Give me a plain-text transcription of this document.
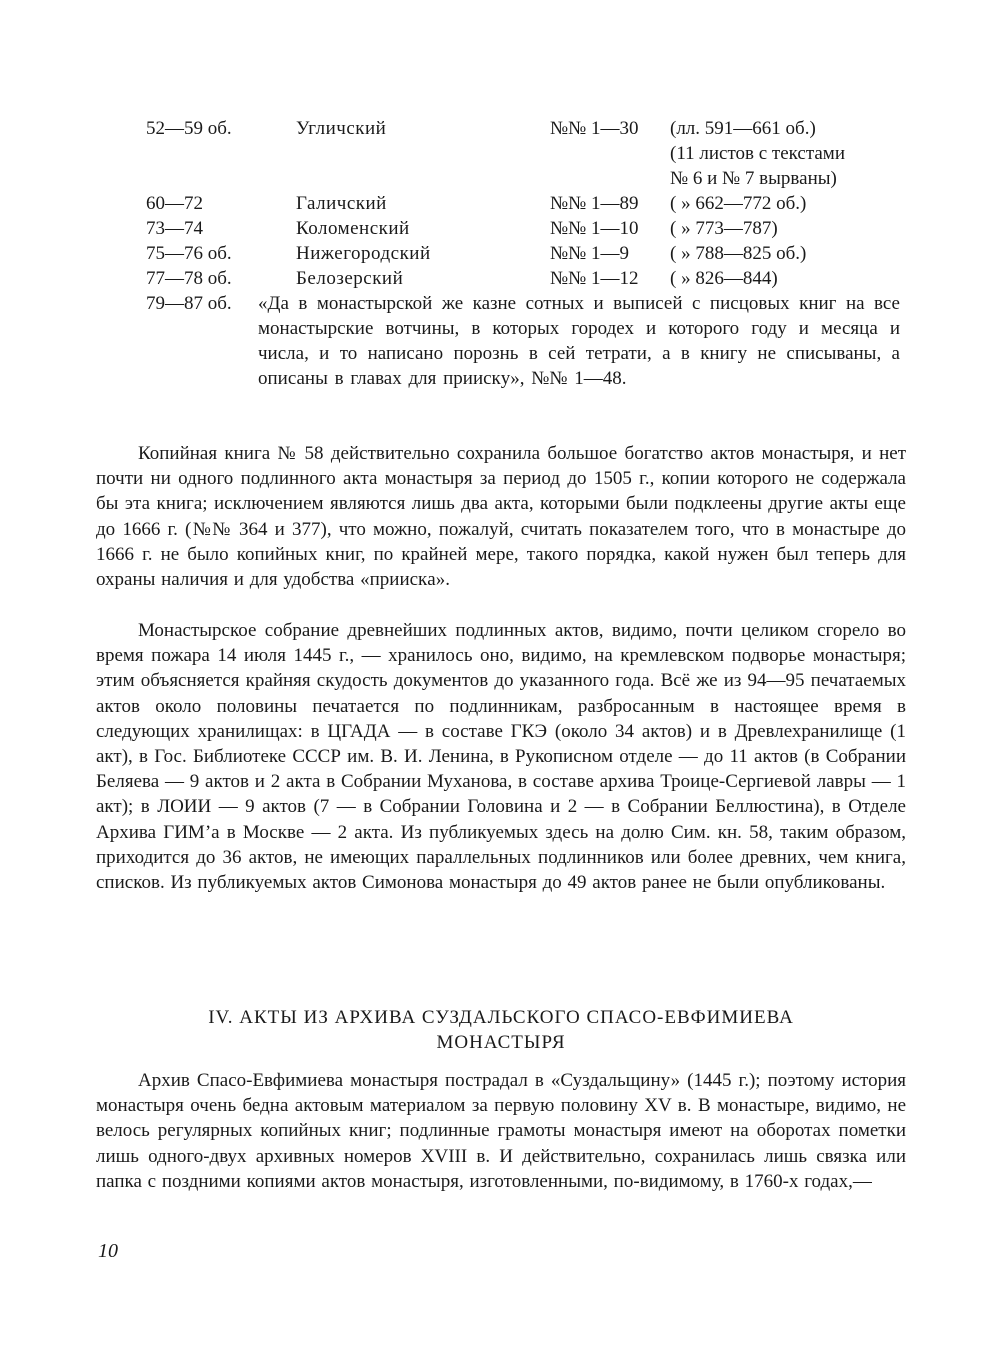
52—59 об.	Угличский	№№ 1—30 (лл. 591—661 об.)
(11 листов с текстами
№ 6 и № 7 вырваны)
60—72	Галичский	№№ 1—89 ( » 662—772 об.)
73—74	Коломенский	№№ 1—10 ( » 773—787)
75—76 об.	Нижегородский	№№ 1—9 ( » 788—825 об.)
77—78 об.	Белозерский	№№ 1—12 ( » 826—844)
79—87 об. «Да в монастырской же казне сотных и выписей с писцовых книг на все монастырские вотчины, в которых городех и которого году и месяца и числа, и то написано порознь в сей тетрати, а в книгу не списываны, а описаны в главах для приискy», №№ 1—48.

Копийная книга № 58 действительно сохранила большое богатство актов монастыря, и нет почти ни одного подлинного акта монастыря за период до 1505 г., копии которого не содержала бы эта книга; исключением являются лишь два акта, которыми были подклеены другие акты еще до 1666 г. (№№ 364 и 377), что можно, пожалуй, считать показателем того, что в монастыре до 1666 г. не было копийных книг, по крайней мере, такого порядка, какой нужен был теперь для охраны наличия и для удобства «приискa».

Монастырское собрание древнейших подлинных актов, видимо, почти целиком сгорело во время пожара 14 июля 1445 г., — хранилось оно, видимо, на кремлевском подворье монастыря; этим объясняется крайняя скудость документов до указанного года. Всё же из 94—95 печатаемых актов около половины печатается по подлинникам, разбросанным в настоящее время в следующих хранилищах: в ЦГАДА — в составе ГКЭ (около 34 актов) и в Древлехранилище (1 акт), в Гос. Библиотеке СССР им. В. И. Ленина, в Рукописном отделе — до 11 актов (в Собрании Беляева — 9 актов и 2 акта в Собрании Муханова, в составе архива Троице-Сергиевой лавры — 1 акт); в ЛОИИ — 9 актов (7 — в Собрании Головина и 2 — в Собрании Беллюстина), в Отделе Архива ГИМ’а в Москве — 2 акта. Из публикуемых здесь на долю Сим. кн. 58, таким образом, приходится до 36 актов, не имеющих параллельных подлинников или более древних, чем книга, списков. Из публикуемых актов Симонова монастыря до 49 актов ранее не были опубликованы.

IV. АКТЫ ИЗ АРХИВА СУЗДАЛЬСКОГО СПАСО-ЕВФИМИЕВА
МОНАСТЫРЯ

Архив Спасо-Евфимиева монастыря пострадал в «Суздальщину» (1445 г.); поэтому история монастыря очень бедна актовым материалом за первую половину XV в. В монастыре, видимо, не велось регулярных копийных книг; подлинные грамоты монастыря имеют на оборотах пометки лишь одного-двух архивных номеров XVIII в. И действительно, сохранилась лишь связка или папка с поздними копиями актов монастыря, изготовленными, по-видимому, в 1760-х годах,—

10
